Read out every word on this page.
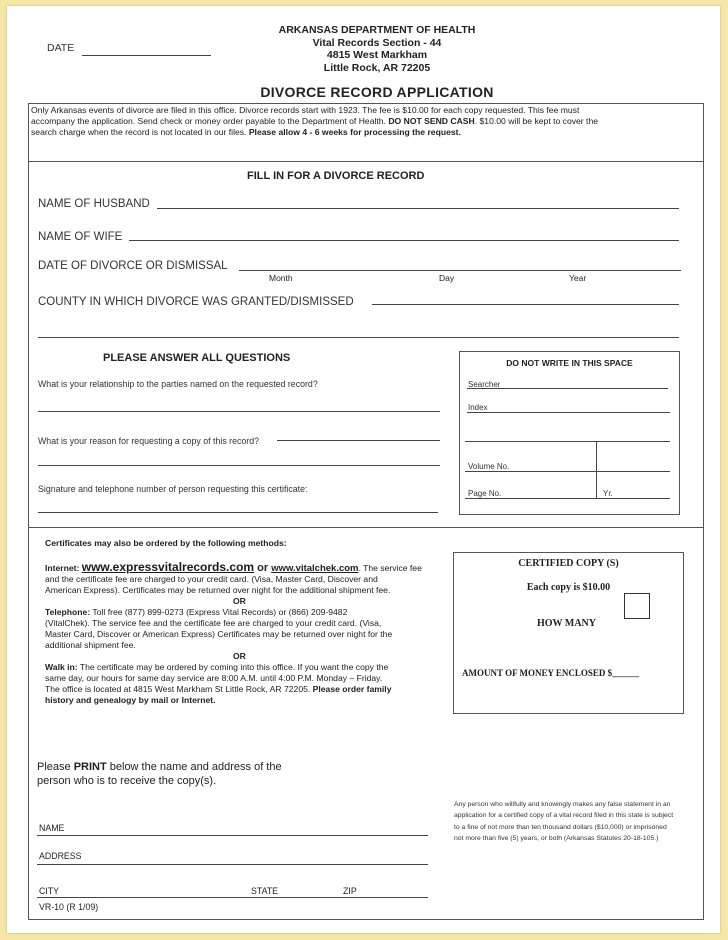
DATE
ARKANSAS DEPARTMENT OF HEALTH
Vital Records Section - 44
4815 West Markham
Little Rock, AR 72205
DIVORCE RECORD APPLICATION
Only Arkansas events of divorce are filed in this office. Divorce records start with 1923. The fee is $10.00 for each copy requested. This fee must
accompany the application. Send check or money order payable to the Department of Health. DO NOT SEND CASH. $10.00 will be kept to cover the
search charge when the record is not located in our files. Please allow 4 - 6 weeks for processing the request.
FILL IN FOR A DIVORCE RECORD
NAME OF HUSBAND
NAME OF WIFE
DATE OF DIVORCE OR DISMISSAL
Month	Day	Year
COUNTY IN WHICH DIVORCE WAS GRANTED/DISMISSED
PLEASE ANSWER ALL QUESTIONS
What is your relationship to the parties named on the requested record?
What is your reason for requesting a copy of this record?
Signature and telephone number of person requesting this certificate:
DO NOT WRITE IN THIS SPACE
Searcher
Index
Volume No.
Page No.	Yr.
Certificates may also be ordered by the following methods:
Internet: www.expressvitalrecords.com or www.vitalchek.com. The service fee
and the certificate fee are charged to your credit card. (Visa, Master Card, Discover and
American Express). Certificates may be returned over night for the additional shipment fee.
OR
Telephone: Toll free (877) 899-0273 (Express Vital Records) or (866) 209-9482
(VitalChek). The service fee and the certificate fee are charged to your credit card. (Visa,
Master Card, Discover or American Express) Certificates may be returned over night for the
additional shipment fee.
OR
Walk in: The certificate may be ordered by coming into this office. If you want the copy the
same day, our hours for same day service are 8:00 A.M. until 4:00 P.M. Monday – Friday.
The office is located at 4815 West Markham St Little Rock, AR 72205. Please order family
history and genealogy by mail or Internet.
CERTIFIED COPY (S)
Each copy is $10.00
HOW MANY
AMOUNT OF MONEY ENCLOSED $______
Please PRINT below the name and address of the
person who is to receive the copy(s).
NAME
ADDRESS
CITY	STATE	ZIP
Any person who willfully and knowingly makes any false statement in an
application for a certified copy of a vital record filed in this state is subject
to a fine of not more than ten thousand dollars ($10,000) or imprisoned
not more than five (5) years, or both (Arkansas Statutes 20-18-105.)
VR-10 (R 1/09)
